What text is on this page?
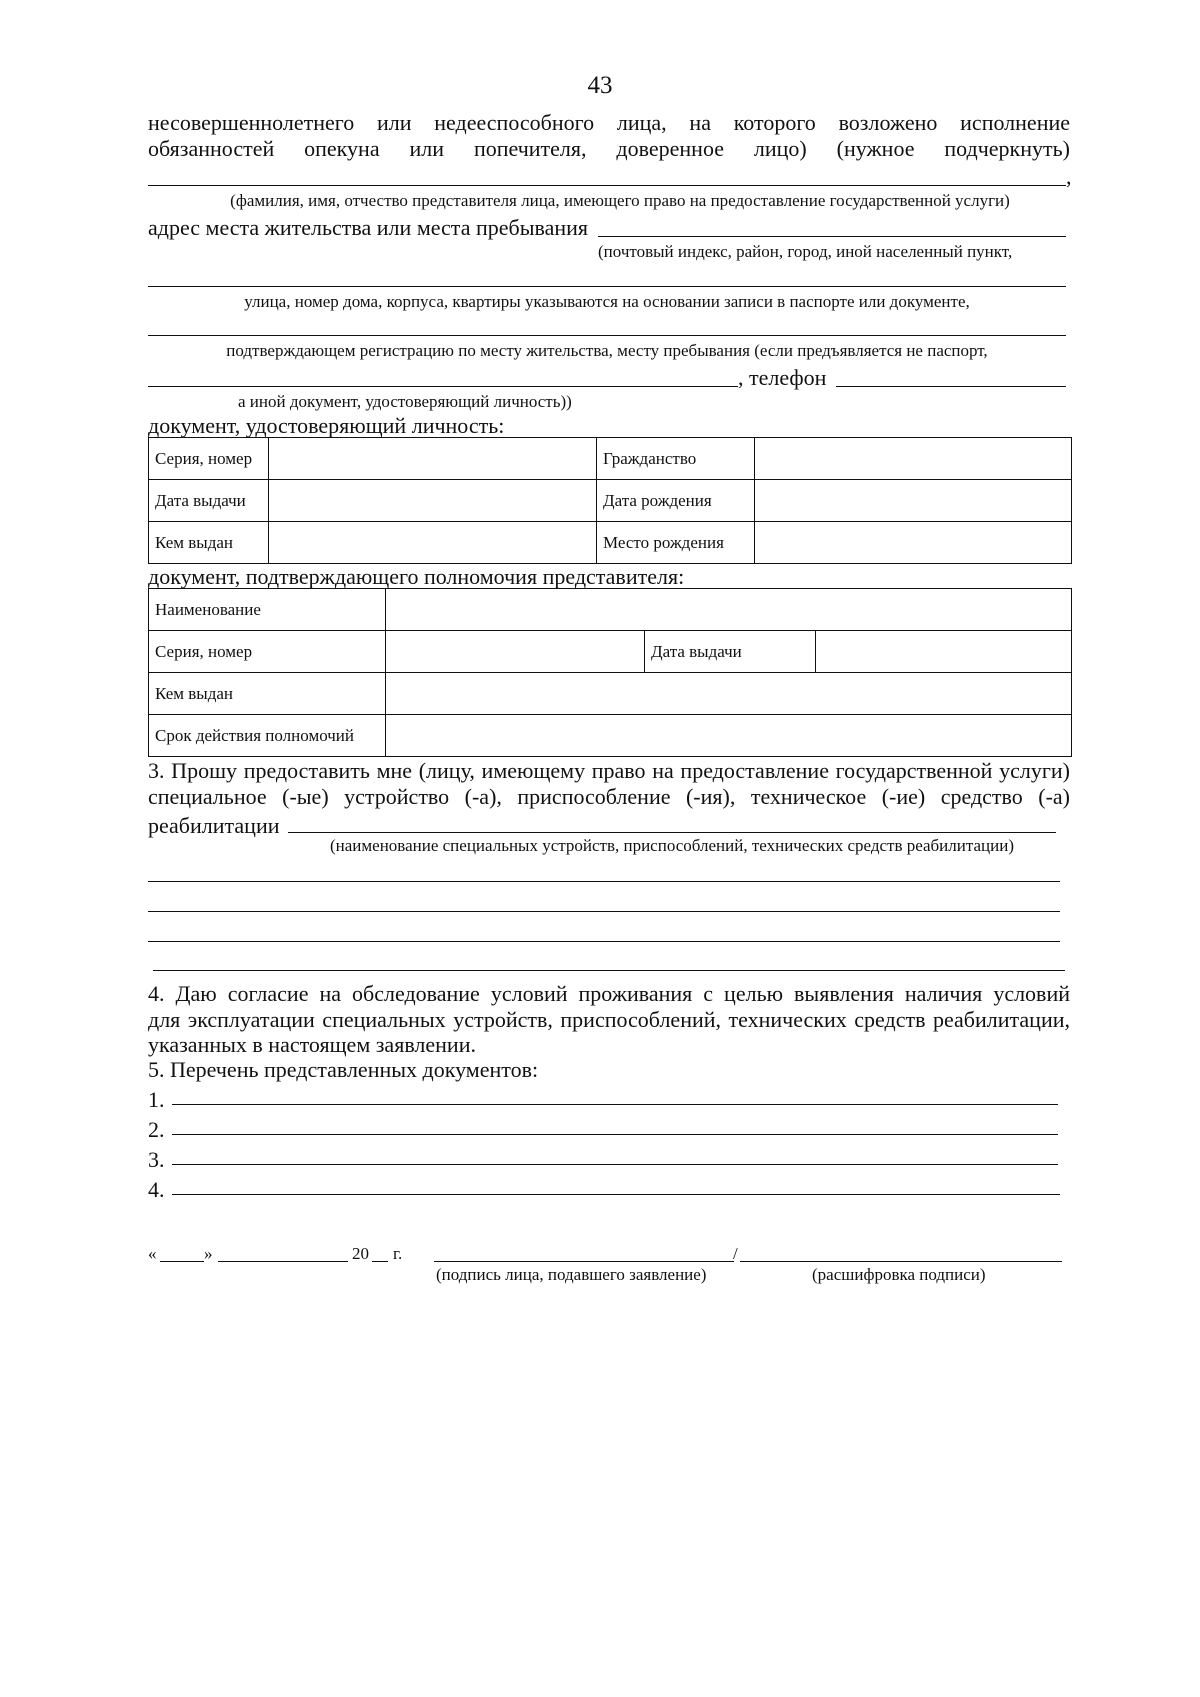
43
несовершеннолетнего или недееспособного лица, на которого возложено исполнение
обязанностей опекуна или попечителя, доверенное лицо) (нужное подчеркнуть)
,
(фамилия, имя, отчество представителя лица, имеющего право на предоставление государственной услуги)
адрес места жительства или места пребывания
(почтовый индекс, район, город, иной населенный пункт,
улица, номер дома, корпуса, квартиры указываются на основании записи в паспорте или документе,
подтверждающем регистрацию по месту жительства, месту пребывания (если предъявляется не паспорт,
, телефон
а иной документ, удостоверяющий личность))
документ, удостоверяющий личность:
Серия, номер		Гражданство	
Дата выдачи		Дата рождения	
Кем выдан		Место рождения	
документ, подтверждающего полномочия представителя:
Наименование			
Серия, номер		Дата выдачи	
Кем выдан			
Срок действия полномочий			
3. Прошу предоставить мне (лицу, имеющему право на предоставление государственной услуги)
специальное (-ые) устройство (-а), приспособление (-ия), техническое (-ие) средство (-а)
реабилитации
(наименование специальных устройств, приспособлений, технических средств реабилитации)
4. Даю согласие на обследование условий проживания с целью выявления наличия условий
для эксплуатации специальных устройств, приспособлений, технических средств реабилитации,
указанных в настоящем заявлении.
5. Перечень представленных документов:
1.
2.
3.
4.
«	»	20 г.	/
(подпись лица, подавшего заявление)	(расшифровка подписи)
